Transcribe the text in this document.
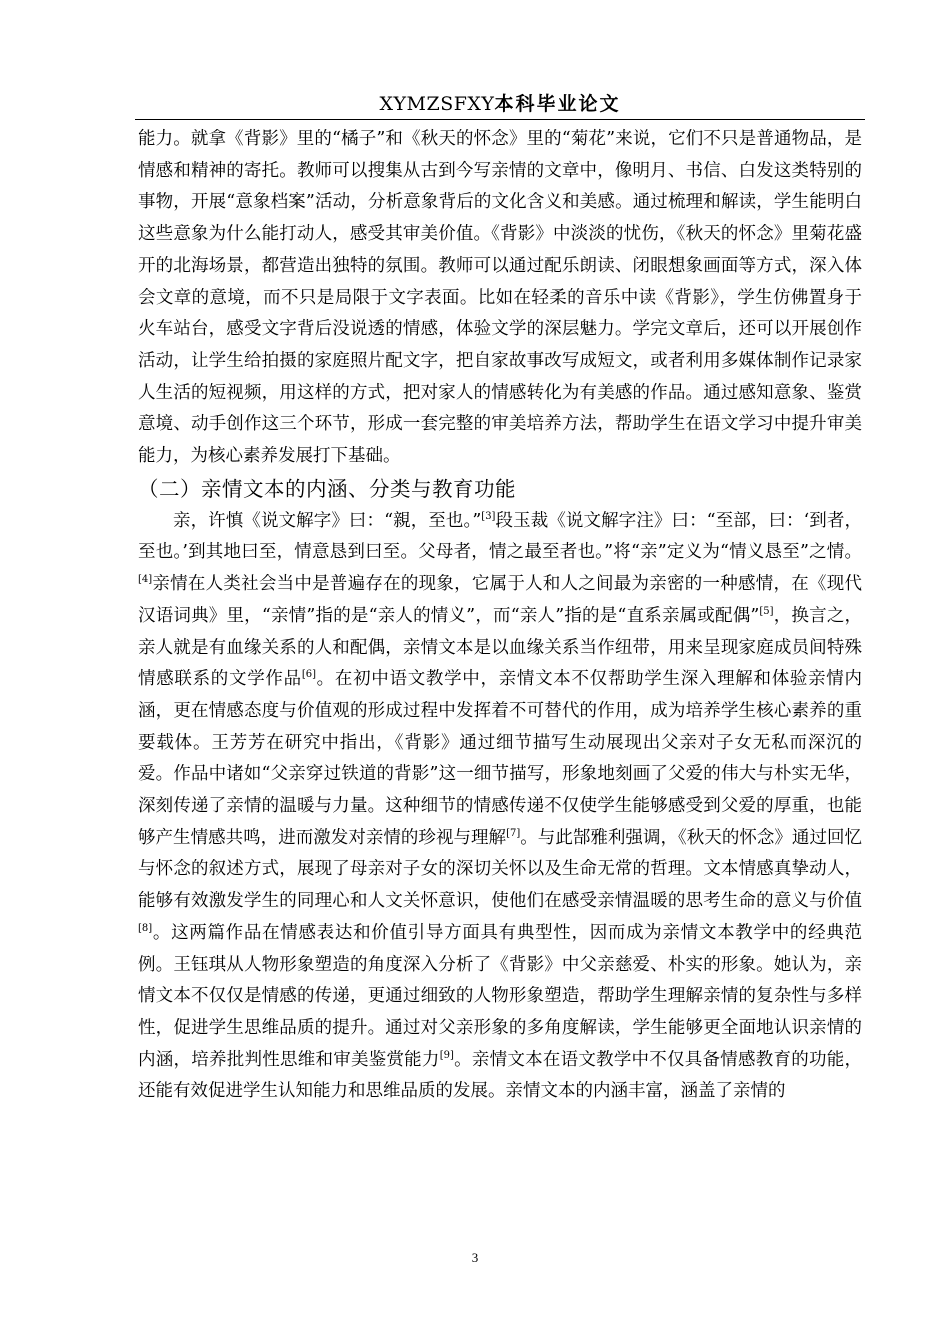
XYMZSFXY本科毕业论文

能力。就拿《背影》里的“橘子”和《秋天的怀念》里的“菊花”来说，它们不只是普通物品，是情感和精神的寄托。教师可以搜集从古到今写亲情的文章中，像明月、书信、白发这类特别的事物，开展“意象档案”活动，分析意象背后的文化含义和美感。通过梳理和解读，学生能明白这些意象为什么能打动人，感受其审美价值。《背影》中淡淡的忧伤，《秋天的怀念》里菊花盛开的北海场景，都营造出独特的氛围。教师可以通过配乐朗读、闭眼想象画面等方式，深入体会文章的意境，而不只是局限于文字表面。比如在轻柔的音乐中读《背影》，学生仿佛置身于火车站台，感受文字背后没说透的情感，体验文学的深层魅力。学完文章后，还可以开展创作活动，让学生给拍摄的家庭照片配文字，把自家故事改写成短文，或者利用多媒体制作记录家人生活的短视频，用这样的方式，把对家人的情感转化为有美感的作品。通过感知意象、鉴赏意境、动手创作这三个环节，形成一套完整的审美培养方法，帮助学生在语文学习中提升审美能力，为核心素养发展打下基础。

（二）亲情文本的内涵、分类与教育功能

亲，许慎《说文解字》曰：“親，至也。”[3]段玉裁《说文解字注》曰：“至部，曰：‘到者，至也。’到其地曰至，情意恳到曰至。父母者，情之最至者也。”将“亲”定义为“情义恳至”之情。[4]亲情在人类社会当中是普遍存在的现象，它属于人和人之间最为亲密的一种感情，在《现代汉语词典》里，“亲情”指的是“亲人的情义”，而“亲人”指的是“直系亲属或配偶”[5]，换言之，亲人就是有血缘关系的人和配偶，亲情文本是以血缘关系当作纽带，用来呈现家庭成员间特殊情感联系的文学作品[6]。在初中语文教学中，亲情文本不仅帮助学生深入理解和体验亲情内涵，更在情感态度与价值观的形成过程中发挥着不可替代的作用，成为培养学生核心素养的重要载体。王芳芳在研究中指出，《背影》通过细节描写生动展现出父亲对子女无私而深沉的爱。作品中诸如“父亲穿过铁道的背影”这一细节描写，形象地刻画了父爱的伟大与朴实无华，深刻传递了亲情的温暖与力量。这种细节的情感传递不仅使学生能够感受到父爱的厚重，也能够产生情感共鸣，进而激发对亲情的珍视与理解[7]。与此郜雅利强调，《秋天的怀念》通过回忆与怀念的叙述方式，展现了母亲对子女的深切关怀以及生命无常的哲理。文本情感真挚动人，能够有效激发学生的同理心和人文关怀意识，使他们在感受亲情温暖的思考生命的意义与价值[8]。这两篇作品在情感表达和价值引导方面具有典型性，因而成为亲情文本教学中的经典范例。王钰琪从人物形象塑造的角度深入分析了《背影》中父亲慈爱、朴实的形象。她认为，亲情文本不仅仅是情感的传递，更通过细致的人物形象塑造，帮助学生理解亲情的复杂性与多样性，促进学生思维品质的提升。通过对父亲形象的多角度解读，学生能够更全面地认识亲情的内涵，培养批判性思维和审美鉴赏能力[9]。亲情文本在语文教学中不仅具备情感教育的功能，还能有效促进学生认知能力和思维品质的发展。亲情文本的内涵丰富，涵盖了亲情的

3
